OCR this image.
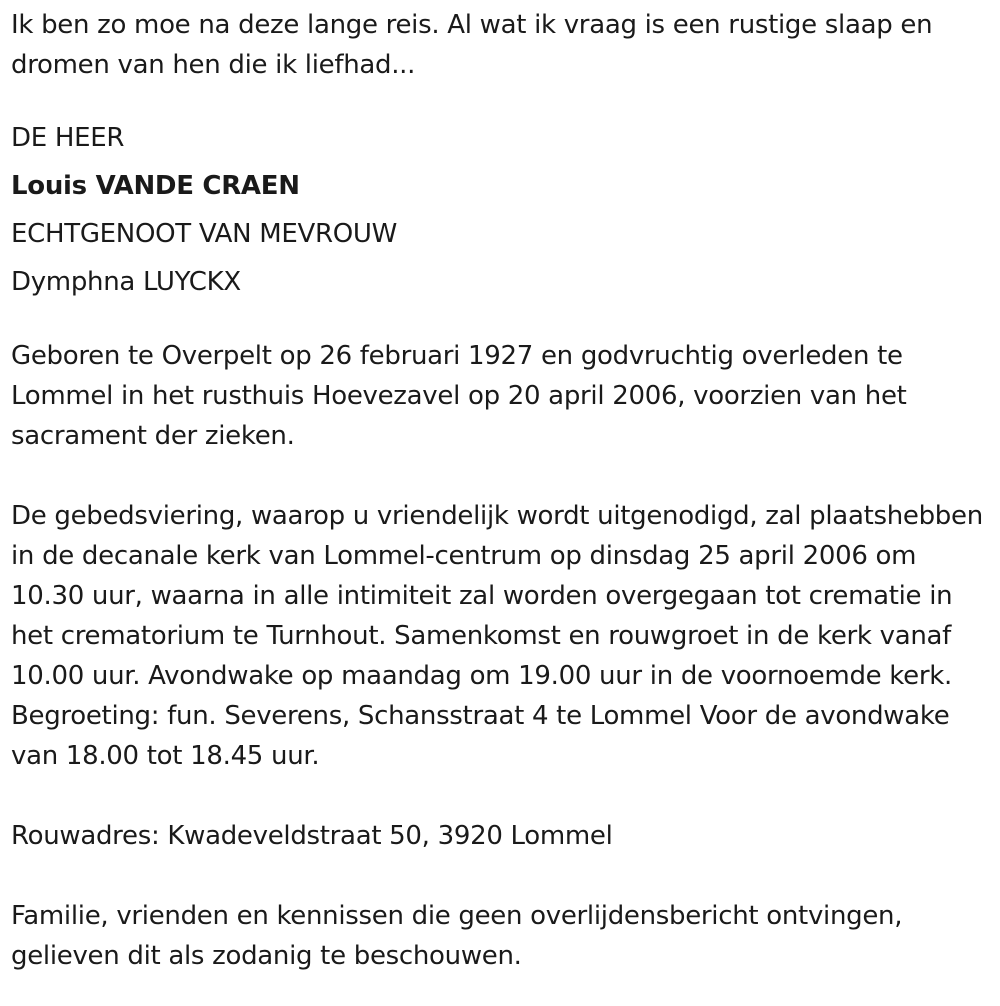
Ik ben zo moe na deze lange reis. Al wat ik vraag is een rustige slaap en dromen van hen die ik liefhad...

DE HEER
Louis VANDE CRAEN
ECHTGENOOT VAN MEVROUW
Dymphna LUYCKX

Geboren te Overpelt op 26 februari 1927 en godvruchtig overleden te Lommel in het rusthuis Hoevezavel op 20 april 2006, voorzien van het sacrament der zieken.

De gebedsviering, waarop u vriendelijk wordt uitgenodigd, zal plaatshebben in de decanale kerk van Lommel-centrum op dinsdag 25 april 2006 om 10.30 uur, waarna in alle intimiteit zal worden overgegaan tot crematie in het crematorium te Turnhout. Samenkomst en rouwgroet in de kerk vanaf 10.00 uur. Avondwake op maandag om 19.00 uur in de voornoemde kerk. Begroeting: fun. Severens, Schansstraat 4 te Lommel Voor de avondwake van 18.00 tot 18.45 uur.

Rouwadres: Kwadeveldstraat 50, 3920 Lommel

Familie, vrienden en kennissen die geen overlijdensbericht ontvingen, gelieven dit als zodanig te beschouwen.
